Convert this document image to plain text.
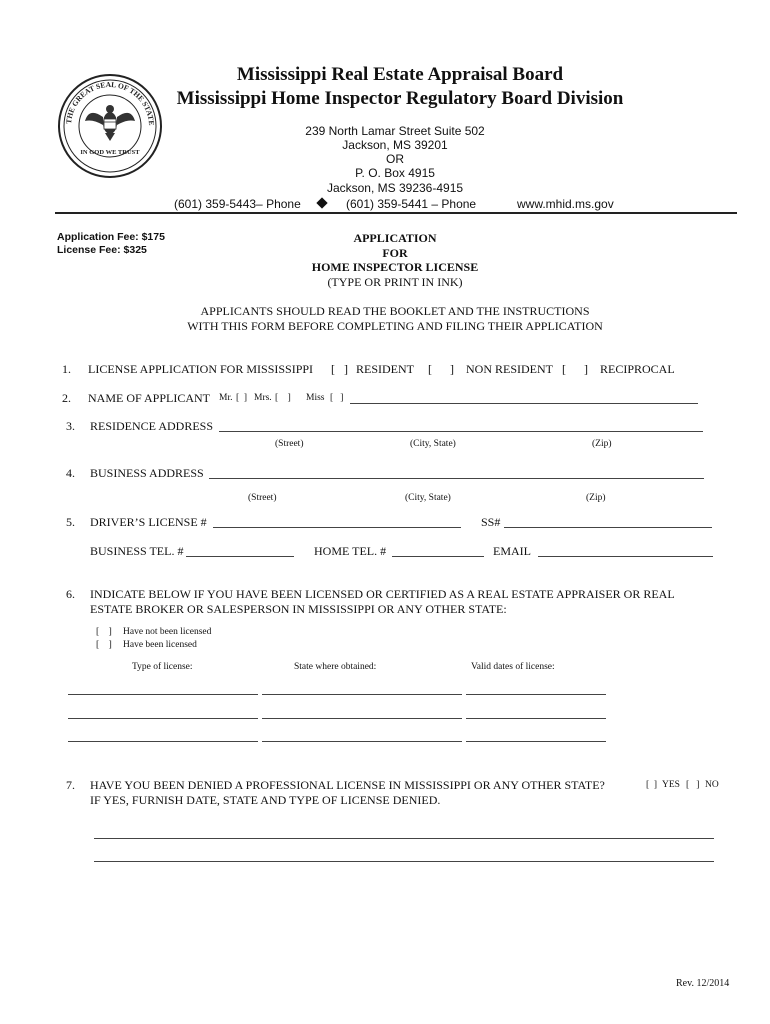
THE GREAT SEAL OF THE STATE
IN GOD WE TRUST
Mississippi Real Estate Appraisal Board
Mississippi Home Inspector Regulatory Board Division
239 North Lamar Street Suite 502
Jackson, MS 39201
OR
P. O. Box 4915
Jackson, MS 39236-4915
(601) 359-5443– Phone	(601) 359-5441 – Phone	www.mhid.ms.gov
Application Fee: $175
License Fee: $325
APPLICATION
FOR
HOME INSPECTOR LICENSE
(TYPE OR PRINT IN INK)
APPLICANTS SHOULD READ THE BOOKLET AND THE INSTRUCTIONS
WITH THIS FORM BEFORE COMPLETING AND FILING THEIR APPLICATION
1. LICENSE APPLICATION FOR MISSISSIPPI [   ] RESIDENT [      ] NON RESIDENT [      ] RECIPROCAL
2. NAME OF APPLICANT Mr. [  ] Mrs. [    ] Miss [   ]
3. RESIDENCE ADDRESS
(Street)	(City, State)	(Zip)
4. BUSINESS ADDRESS
(Street)	(City, State)	(Zip)
5. DRIVER’S LICENSE #	SS#
BUSINESS TEL. #	HOME TEL. #	EMAIL
6. INDICATE BELOW IF YOU HAVE BEEN LICENSED OR CERTIFIED AS A REAL ESTATE APPRAISER OR REAL
ESTATE BROKER OR SALESPERSON IN MISSISSIPPI OR ANY OTHER STATE:
[    ] Have not been licensed
[    ] Have been licensed
Type of license:	State where obtained:	Valid dates of license:
7. HAVE YOU BEEN DENIED A PROFESSIONAL LICENSE IN MISSISSIPPI OR ANY OTHER STATE?	[  ] YES [   ] NO
IF YES, FURNISH DATE, STATE AND TYPE OF LICENSE DENIED.
Rev. 12/2014
